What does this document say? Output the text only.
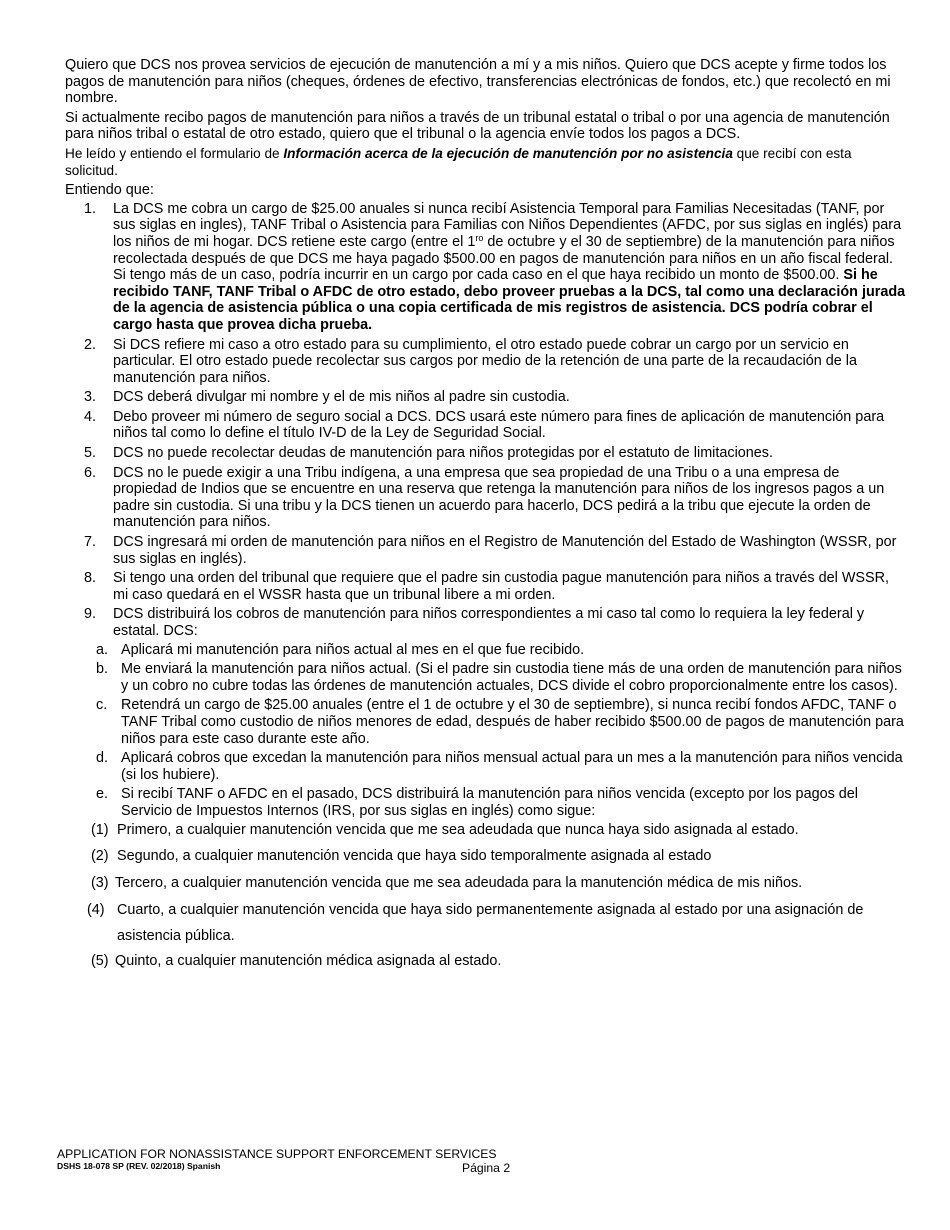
Quiero que DCS nos provea servicios de ejecución de manutención a mí y a mis niños. Quiero que DCS acepte y firme todos los pagos de manutención para niños (cheques, órdenes de efectivo, transferencias electrónicas de fondos, etc.) que recolectó en mi nombre.

Si actualmente recibo pagos de manutención para niños a través de un tribunal estatal o tribal o por una agencia de manutención para niños tribal o estatal de otro estado, quiero que el tribunal o la agencia envíe todos los pagos a DCS.

He leído y entiendo el formulario de Información acerca de la ejecución de manutención por no asistencia que recibí con esta solicitud.

Entiendo que:

1. La DCS me cobra un cargo de $25.00 anuales si nunca recibí Asistencia Temporal para Familias Necesitadas (TANF, por sus siglas en ingles), TANF Tribal o Asistencia para Familias con Niños Dependientes (AFDC, por sus siglas en inglés) para los niños de mi hogar. DCS retiene este cargo (entre el $1^{ro}$ de octubre y el 30 de septiembre) de la manutención para niños recolectada después de que DCS me haya pagado $500.00 en pagos de manutención para niños en un año fiscal federal. Si tengo más de un caso, podría incurrir en un cargo por cada caso en el que haya recibido un monto de $500.00. Si he recibido TANF, TANF Tribal o AFDC de otro estado, debo proveer pruebas a la DCS, tal como una declaración jurada de la agencia de asistencia pública o una copia certificada de mis registros de asistencia. DCS podría cobrar el cargo hasta que provea dicha prueba.
2. Si DCS refiere mi caso a otro estado para su cumplimiento, el otro estado puede cobrar un cargo por un servicio en particular. El otro estado puede recolectar sus cargos por medio de la retención de una parte de la recaudación de la manutención para niños.
3. DCS deberá divulgar mi nombre y el de mis niños al padre sin custodia.
4. Debo proveer mi número de seguro social a DCS. DCS usará este número para fines de aplicación de manutención para niños tal como lo define el título IV-D de la Ley de Seguridad Social.
5. DCS no puede recolectar deudas de manutención para niños protegidas por el estatuto de limitaciones.
6. DCS no le puede exigir a una Tribu indígena, a una empresa que sea propiedad de una Tribu o a una empresa de propiedad de Indios que se encuentre en una reserva que retenga la manutención para niños de los ingresos pagos a un padre sin custodia. Si una tribu y la DCS tienen un acuerdo para hacerlo, DCS pedirá a la tribu que ejecute la orden de manutención para niños.
7. DCS ingresará mi orden de manutención para niños en el Registro de Manutención del Estado de Washington (WSSR, por sus siglas en inglés).
8. Si tengo una orden del tribunal que requiere que el padre sin custodia pague manutención para niños a través del WSSR, mi caso quedará en el WSSR hasta que un tribunal libere a mi orden.
9. DCS distribuirá los cobros de manutención para niños correspondientes a mi caso tal como lo requiera la ley federal y estatal. DCS:
a. Aplicará mi manutención para niños actual al mes en el que fue recibido.
b. Me enviará la manutención para niños actual. (Si el padre sin custodia tiene más de una orden de manutención para niños y un cobro no cubre todas las órdenes de manutención actuales, DCS divide el cobro proporcionalmente entre los casos).
c. Retendrá un cargo de $25.00 anuales (entre el 1 de octubre y el 30 de septiembre), si nunca recibí fondos AFDC, TANF o TANF Tribal como custodio de niños menores de edad, después de haber recibido $500.00 de pagos de manutención para niños para este caso durante este año.
d. Aplicará cobros que excedan la manutención para niños mensual actual para un mes a la manutención para niños vencida (si los hubiere).
e. Si recibí TANF o AFDC en el pasado, DCS distribuirá la manutención para niños vencida (excepto por los pagos del Servicio de Impuestos Internos (IRS, por sus siglas en inglés) como sigue:
(1) Primero, a cualquier manutención vencida que me sea adeudada que nunca haya sido asignada al estado.
(2) Segundo, a cualquier manutención vencida que haya sido temporalmente asignada al estado
(3) Tercero, a cualquier manutención vencida que me sea adeudada para la manutención médica de mis niños.
(4) Cuarto, a cualquier manutención vencida que haya sido permanentemente asignada al estado por una asignación de asistencia pública.
(5) Quinto, a cualquier manutención médica asignada al estado.
APPLICATION FOR NONASSISTANCE SUPPORT ENFORCEMENT SERVICES
DSHS 18-078 SP (REV. 02/2018) Spanish	Página 2
